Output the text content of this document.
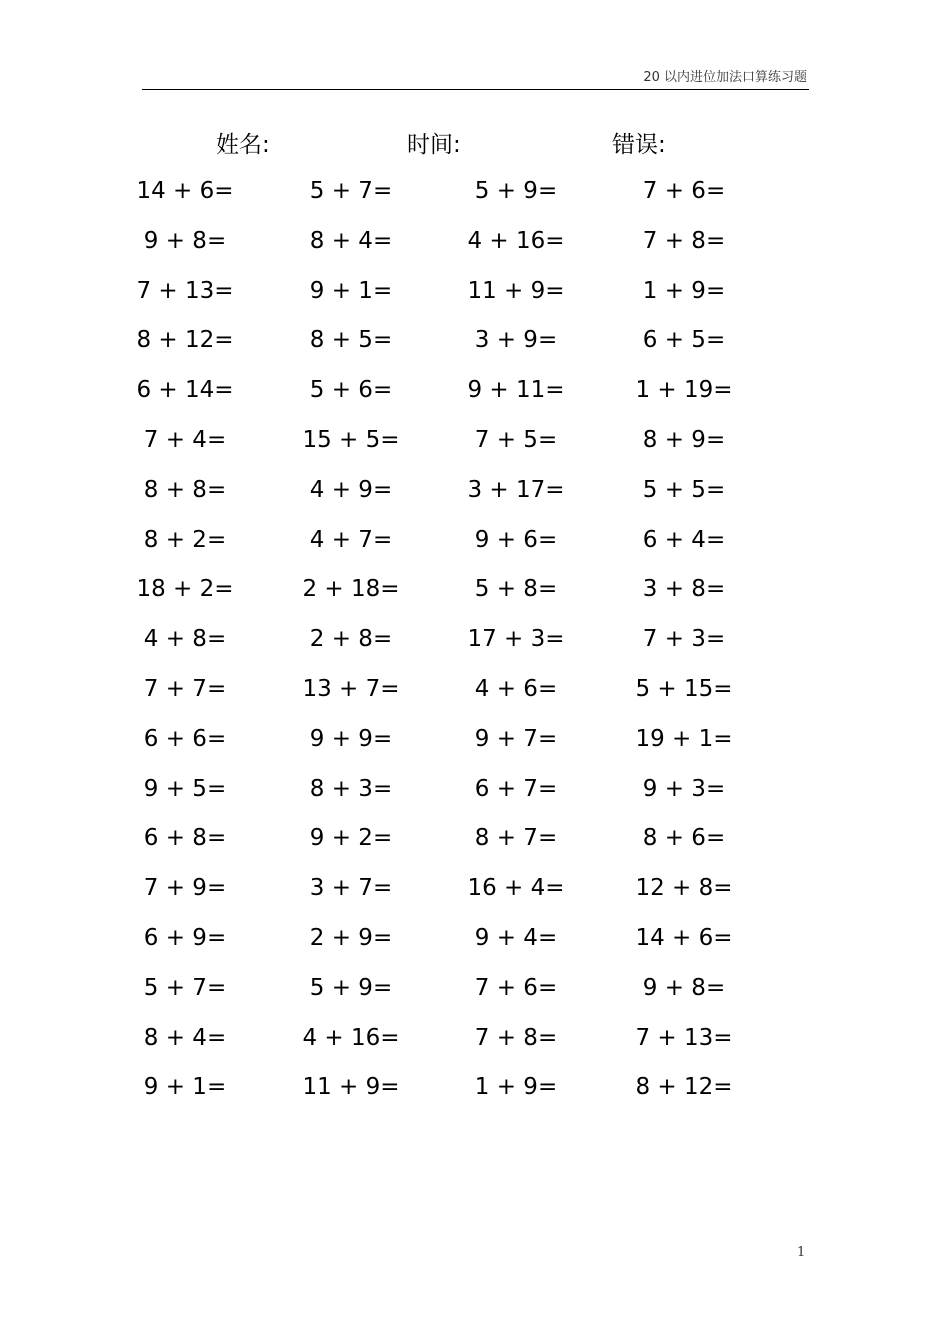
20 以内进位加法口算练习题
姓名:	时间:	错误:
14 + 6=	5 + 7=	5 + 9=	7 + 6=
9 + 8=	8 + 4=	4 + 16=	7 + 8=
7 + 13=	9 + 1=	11 + 9=	1 + 9=
8 + 12=	8 + 5=	3 + 9=	6 + 5=
6 + 14=	5 + 6=	9 + 11=	1 + 19=
7 + 4=	15 + 5=	7 + 5=	8 + 9=
8 + 8=	4 + 9=	3 + 17=	5 + 5=
8 + 2=	4 + 7=	9 + 6=	6 + 4=
18 + 2=	2 + 18=	5 + 8=	3 + 8=
4 + 8=	2 + 8=	17 + 3=	7 + 3=
7 + 7=	13 + 7=	4 + 6=	5 + 15=
6 + 6=	9 + 9=	9 + 7=	19 + 1=
9 + 5=	8 + 3=	6 + 7=	9 + 3=
6 + 8=	9 + 2=	8 + 7=	8 + 6=
7 + 9=	3 + 7=	16 + 4=	12 + 8=
6 + 9=	2 + 9=	9 + 4=	14 + 6=
5 + 7=	5 + 9=	7 + 6=	9 + 8=
8 + 4=	4 + 16=	7 + 8=	7 + 13=
9 + 1=	11 + 9=	1 + 9=	8 + 12=
1
